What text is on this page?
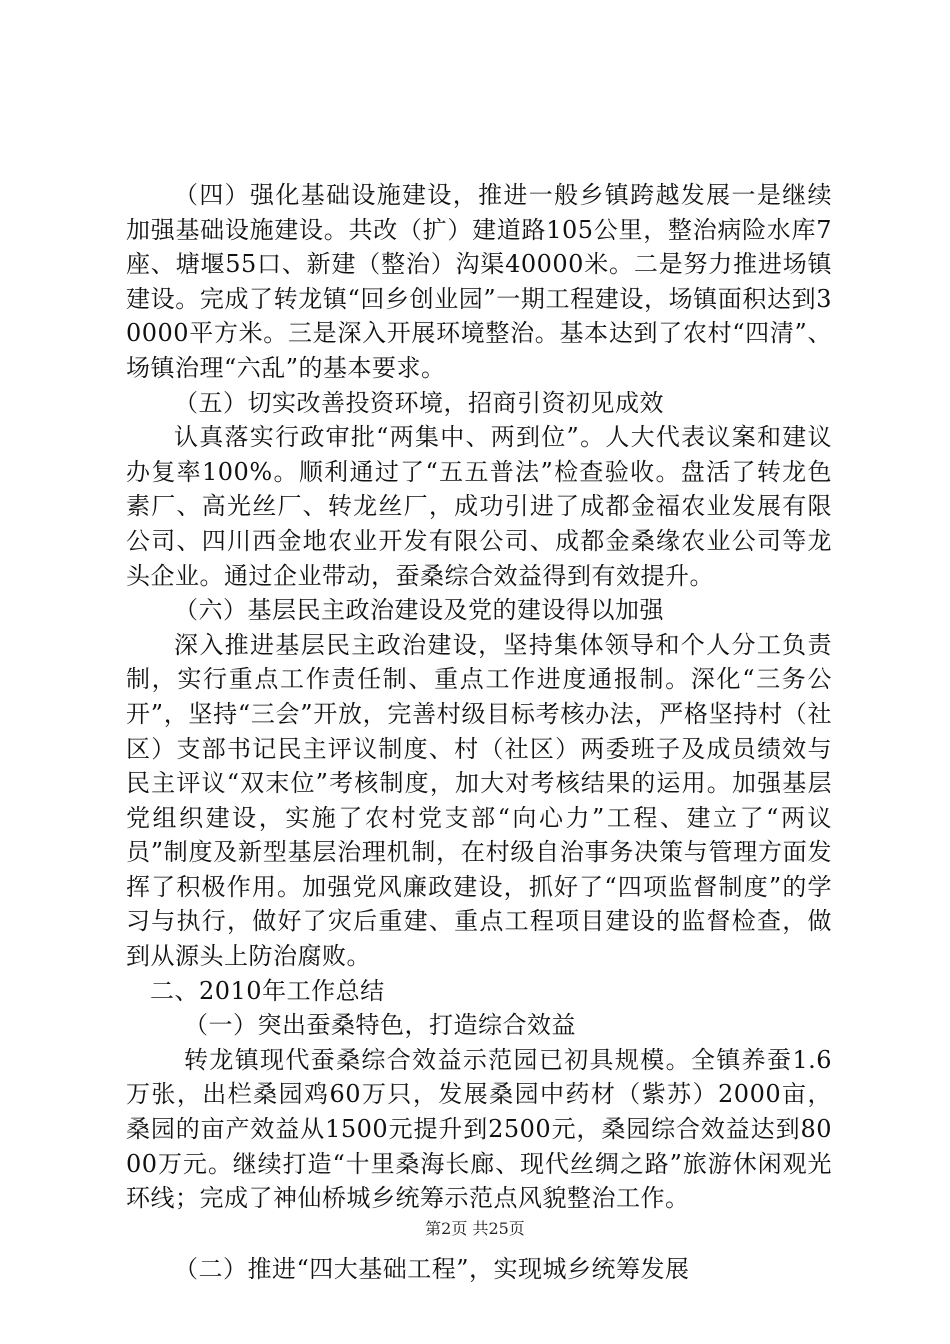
（四）强化基础设施建设，推进一般乡镇跨越发展一是继续加强基础设施建设。共改（扩）建道路105公里，整治病险水库7座、塘堰55口、新建（整治）沟渠40000米。二是努力推进场镇建设。完成了转龙镇“回乡创业园”一期工程建设，场镇面积达到30000平方米。三是深入开展环境整治。基本达到了农村“四清”、场镇治理“六乱”的基本要求。

（五）切实改善投资环境，招商引资初见成效

认真落实行政审批“两集中、两到位”。人大代表议案和建议办复率100%。顺利通过了“五五普法”检查验收。盘活了转龙色素厂、高光丝厂、转龙丝厂，成功引进了成都金福农业发展有限公司、四川西金地农业开发有限公司、成都金桑缘农业公司等龙头企业。通过企业带动，蚕桑综合效益得到有效提升。

（六）基层民主政治建设及党的建设得以加强

深入推进基层民主政治建设，坚持集体领导和个人分工负责制，实行重点工作责任制、重点工作进度通报制。深化“三务公开”，坚持“三会”开放，完善村级目标考核办法，严格坚持村（社区）支部书记民主评议制度、村（社区）两委班子及成员绩效与民主评议“双末位”考核制度，加大对考核结果的运用。加强基层党组织建设，实施了农村党支部“向心力”工程、建立了“两议员”制度及新型基层治理机制，在村级自治事务决策与管理方面发挥了积极作用。加强党风廉政建设，抓好了“四项监督制度”的学习与执行，做好了灾后重建、重点工程项目建设的监督检查，做到从源头上防治腐败。

二、2010年工作总结

（一）突出蚕桑特色，打造综合效益

转龙镇现代蚕桑综合效益示范园已初具规模。全镇养蚕1.6万张，出栏桑园鸡60万只，发展桑园中药材（紫苏）2000亩，桑园的亩产效益从1500元提升到2500元，桑园综合效益达到8000万元。继续打造“十里桑海长廊、现代丝绸之路”旅游休闲观光环线；完成了神仙桥城乡统筹示范点风貌整治工作。

（二）推进“四大基础工程”，实现城乡统筹发展

第2页 共25页
